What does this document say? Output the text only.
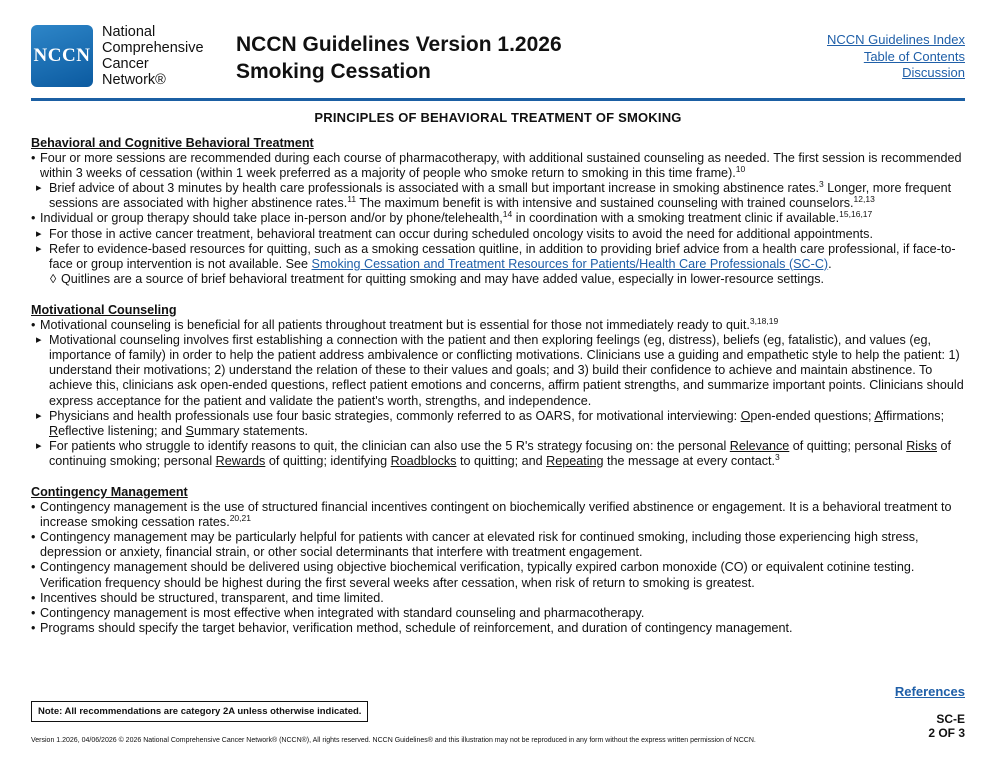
NCCN
National
Comprehensive
Cancer
Network®
NCCN Guidelines Version 1.2026
Smoking Cessation
NCCN Guidelines Index
Table of Contents
Discussion
PRINCIPLES OF BEHAVIORAL TREATMENT OF SMOKING
Behavioral and Cognitive Behavioral Treatment
• Four or more sessions are recommended during each course of pharmacotherapy, with additional sustained counseling as needed. The first session is recommended within 3 weeks of cessation (within 1 week preferred as a majority of people who smoke return to smoking in this time frame).$^{10}$
▸ Brief advice of about 3 minutes by health care professionals is associated with a small but important increase in smoking abstinence rates.$^3$ Longer, more frequent sessions are associated with higher abstinence rates.$^{11}$ The maximum benefit is with intensive and sustained counseling with trained counselors.$^{12,13}$
• Individual or group therapy should take place in-person and/or by phone/telehealth,$^{14}$ in coordination with a smoking treatment clinic if available.$^{15,16,17}$
▸ For those in active cancer treatment, behavioral treatment can occur during scheduled oncology visits to avoid the need for additional appointments.
▸ Refer to evidence-based resources for quitting, such as a smoking cessation quitline, in addition to providing brief advice from a health care professional, if face-to-face or group intervention is not available. See Smoking Cessation and Treatment Resources for Patients/Health Care Professionals (SC-C).
◊ Quitlines are a source of brief behavioral treatment for quitting smoking and may have added value, especially in lower-resource settings.
Motivational Counseling
• Motivational counseling is beneficial for all patients throughout treatment but is essential for those not immediately ready to quit.$^{3,18,19}$
▸ Motivational counseling involves first establishing a connection with the patient and then exploring feelings (eg, distress), beliefs (eg, fatalistic), and values (eg, importance of family) in order to help the patient address ambivalence or conflicting motivations. Clinicians use a guiding and empathetic style to help the patient: 1) understand their motivations; 2) understand the relation of these to their values and goals; and 3) build their confidence to achieve and maintain abstinence. To achieve this, clinicians ask open-ended questions, reflect patient emotions and concerns, affirm patient strengths, and summarize important points. Clinicians should express acceptance for the patient and validate the patient's worth, strengths, and independence.
▸ Physicians and health professionals use four basic strategies, commonly referred to as OARS, for motivational interviewing: Open-ended questions; Affirmations; Reflective listening; and Summary statements.
▸ For patients who struggle to identify reasons to quit, the clinician can also use the 5 R's strategy focusing on: the personal Relevance of quitting; personal Risks of continuing smoking; personal Rewards of quitting; identifying Roadblocks to quitting; and Repeating the message at every contact.$^3$
Contingency Management
• Contingency management is the use of structured financial incentives contingent on biochemically verified abstinence or engagement. It is a behavioral treatment to increase smoking cessation rates.$^{20,21}$
• Contingency management may be particularly helpful for patients with cancer at elevated risk for continued smoking, including those experiencing high stress, depression or anxiety, financial strain, or other social determinants that interfere with treatment engagement.
• Contingency management should be delivered using objective biochemical verification, typically expired carbon monoxide (CO) or equivalent cotinine testing. Verification frequency should be highest during the first several weeks after cessation, when risk of return to smoking is greatest.
• Incentives should be structured, transparent, and time limited.
• Contingency management is most effective when integrated with standard counseling and pharmacotherapy.
• Programs should specify the target behavior, verification method, schedule of reinforcement, and duration of contingency management.
References
Note: All recommendations are category 2A unless otherwise indicated.
SC-E
2 OF 3
Version 1.2026, 04/06/2026 © 2026 National Comprehensive Cancer Network® (NCCN®), All rights reserved. NCCN Guidelines® and this illustration may not be reproduced in any form without the express written permission of NCCN.
